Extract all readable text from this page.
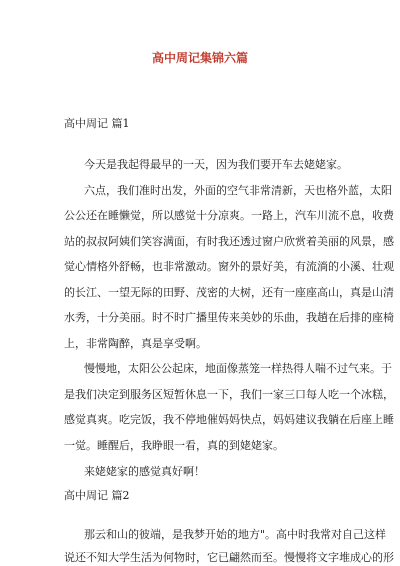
高中周记集锦六篇
高中周记 篇1
今天是我起得最早的一天，因为我们要开车去姥姥家。
六点，我们准时出发，外面的空气非常清新，天也格外蓝，太阳
公公还在睡懒觉，所以感觉十分凉爽。一路上，汽车川流不息，收费
站的叔叔阿姨们笑容满面，有时我还透过窗户欣赏着美丽的风景，感
觉心情格外舒畅，也非常激动。窗外的景好美，有流淌的小溪、壮观
的长江、一望无际的田野、茂密的大树，还有一座座高山，真是山清
水秀，十分美丽。时不时广播里传来美妙的乐曲，我趟在后排的座椅
上，非常陶醉，真是享受啊。
慢慢地，太阳公公起床，地面像蒸笼一样热得人喘不过气来。于
是我们决定到服务区短暂休息一下，我们一家三口每人吃一个冰糕，
感觉真爽。吃完饭，我不停地催妈妈快点，妈妈建议我躺在后座上睡
一觉。睡醒后，我睁眼一看，真的到姥姥家。
来姥姥家的感觉真好啊！
高中周记 篇2
那云和山的彼端，是我梦开始的地方"。高中时我常对自己这样
说还不知大学生活为何物时，它已翩然而至。慢慢将文字堆成心的形
